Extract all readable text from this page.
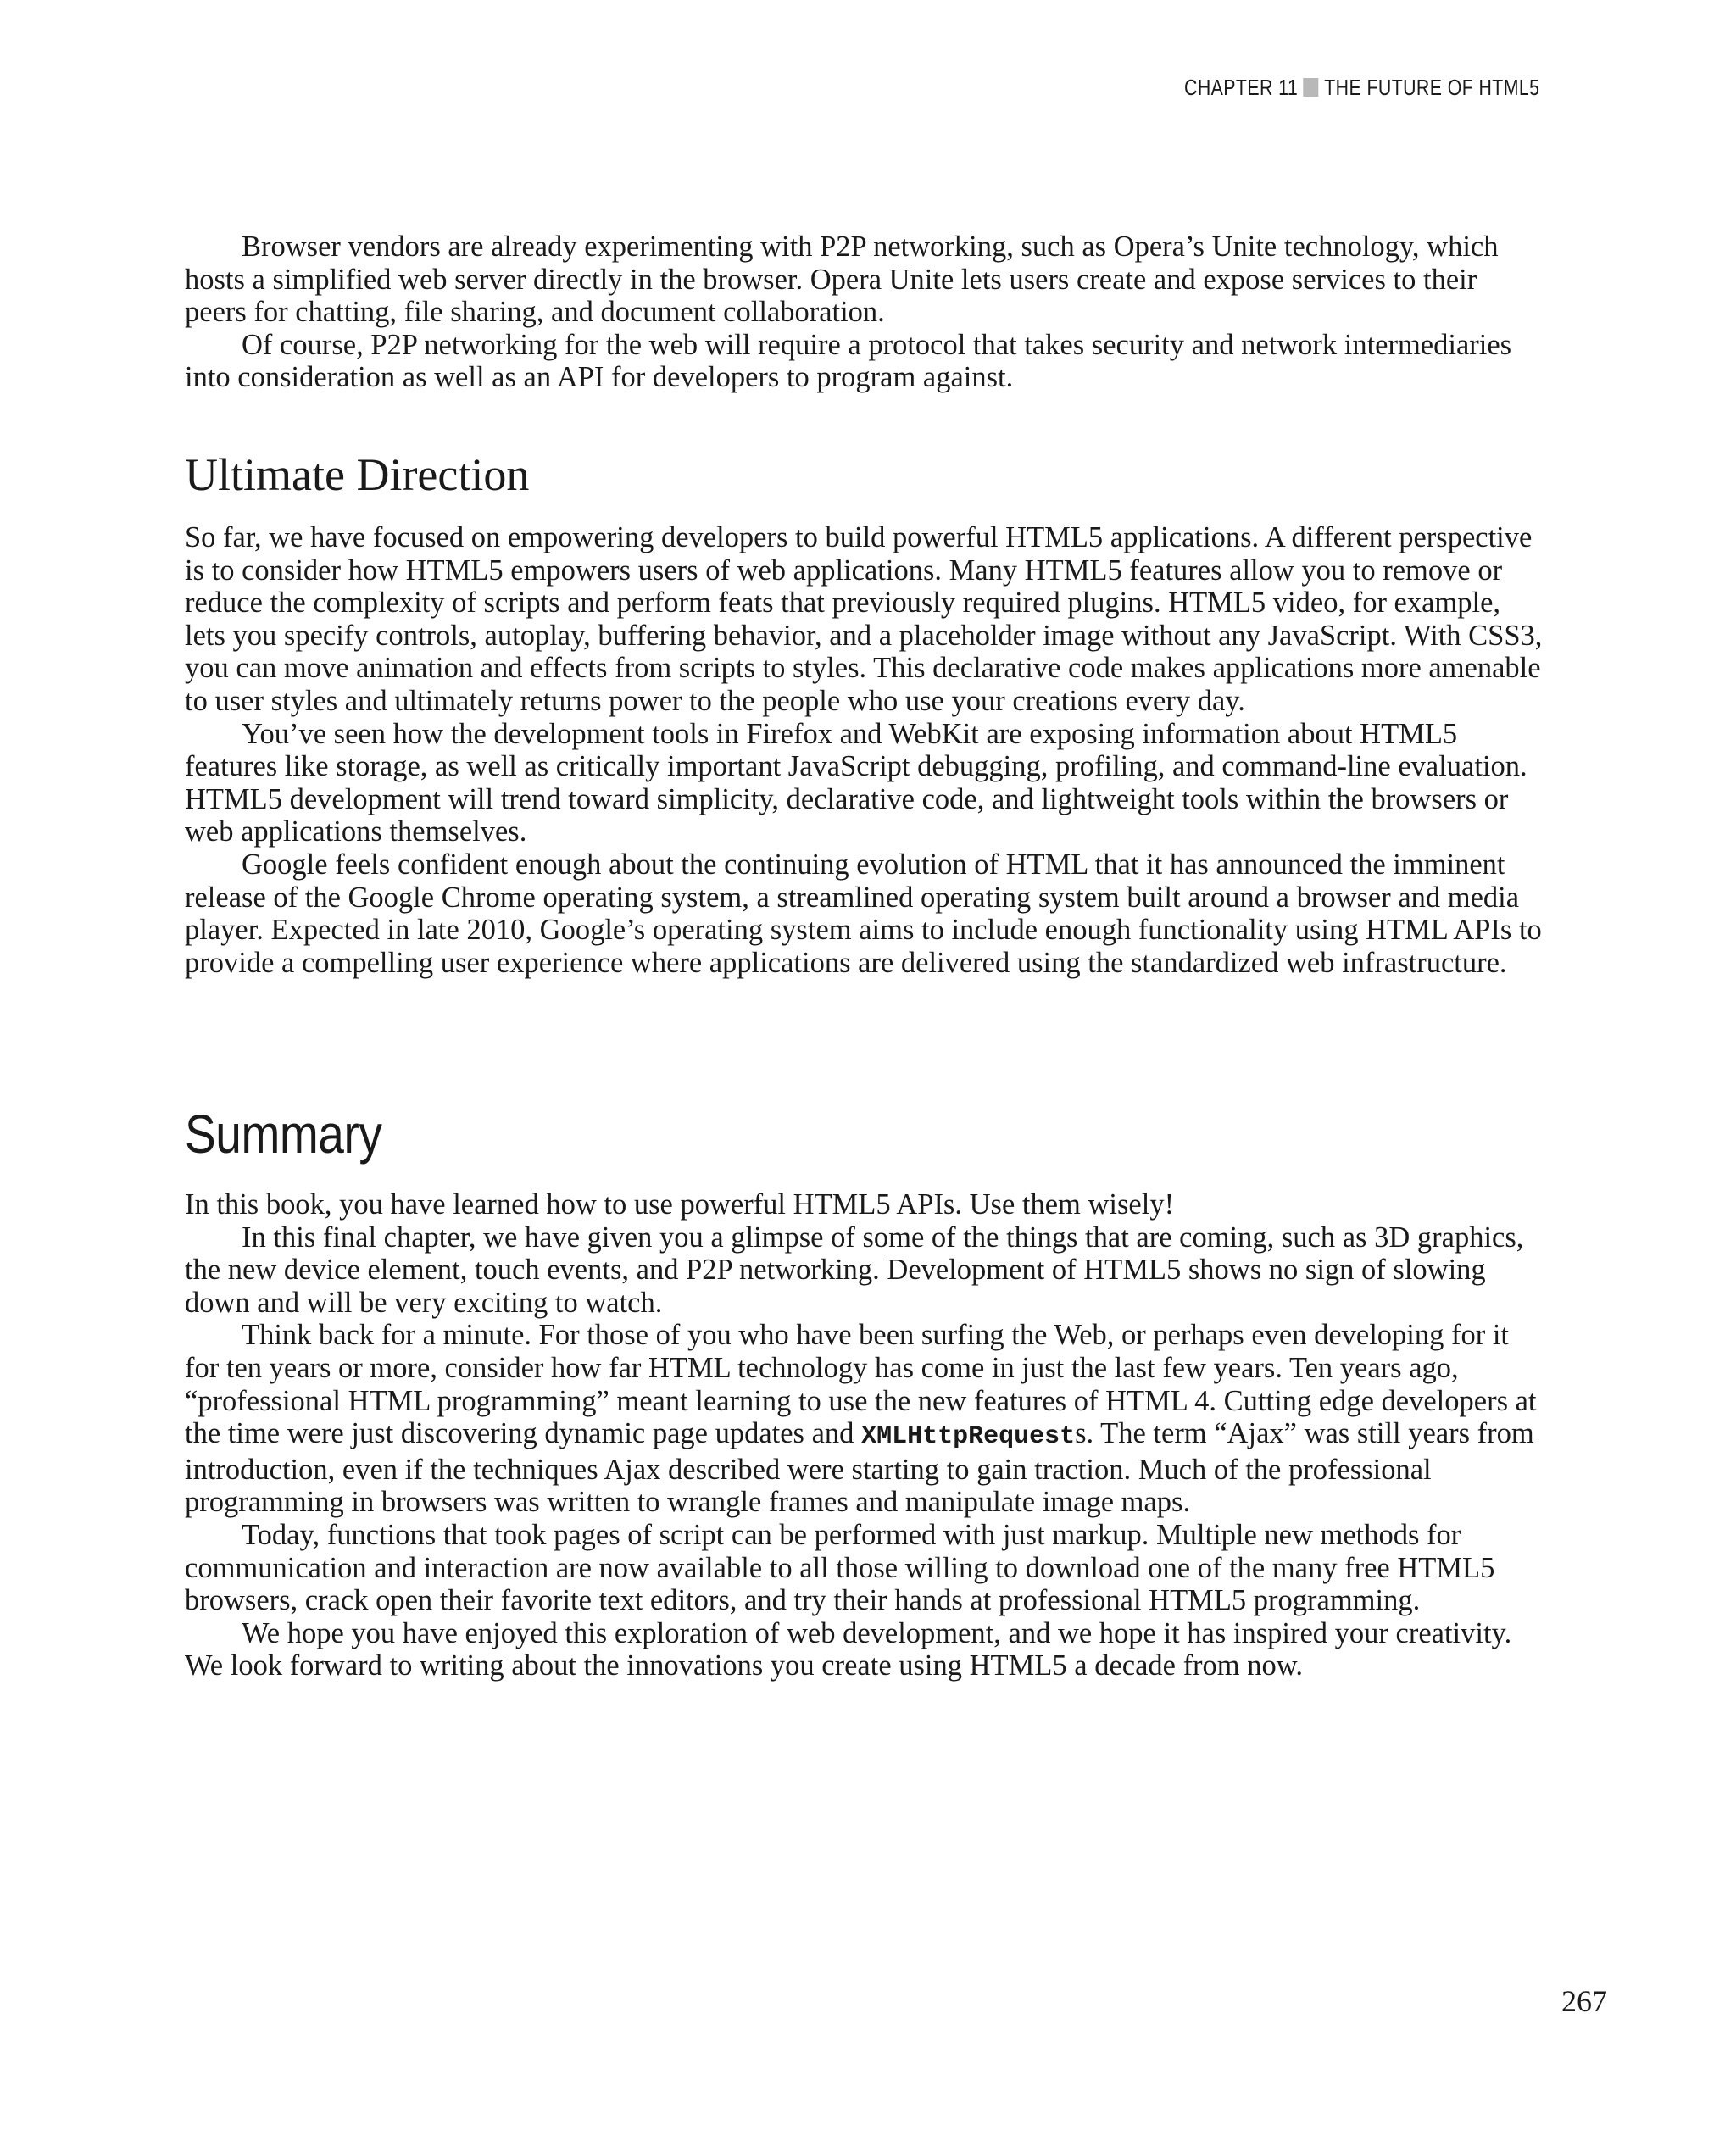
CHAPTER 11 THE FUTURE OF HTML5

Browser vendors are already experimenting with P2P networking, such as Opera’s Unite technology, which hosts a simplified web server directly in the browser. Opera Unite lets users create and expose services to their peers for chatting, file sharing, and document collaboration.

Of course, P2P networking for the web will require a protocol that takes security and network intermediaries into consideration as well as an API for developers to program against.

Ultimate Direction

So far, we have focused on empowering developers to build powerful HTML5 applications. A different perspective is to consider how HTML5 empowers users of web applications. Many HTML5 features allow you to remove or reduce the complexity of scripts and perform feats that previously required plugins. HTML5 video, for example, lets you specify controls, autoplay, buffering behavior, and a placeholder image without any JavaScript. With CSS3, you can move animation and effects from scripts to styles. This declarative code makes applications more amenable to user styles and ultimately returns power to the people who use your creations every day.

You’ve seen how the development tools in Firefox and WebKit are exposing information about HTML5 features like storage, as well as critically important JavaScript debugging, profiling, and command-line evaluation. HTML5 development will trend toward simplicity, declarative code, and lightweight tools within the browsers or web applications themselves.

Google feels confident enough about the continuing evolution of HTML that it has announced the imminent release of the Google Chrome operating system, a streamlined operating system built around a browser and media player. Expected in late 2010, Google’s operating system aims to include enough functionality using HTML APIs to provide a compelling user experience where applications are delivered using the standardized web infrastructure.

Summary

In this book, you have learned how to use powerful HTML5 APIs. Use them wisely!

In this final chapter, we have given you a glimpse of some of the things that are coming, such as 3D graphics, the new device element, touch events, and P2P networking. Development of HTML5 shows no sign of slowing down and will be very exciting to watch.

Think back for a minute. For those of you who have been surfing the Web, or perhaps even developing for it for ten years or more, consider how far HTML technology has come in just the last few years. Ten years ago, “professional HTML programming” meant learning to use the new features of HTML 4. Cutting edge developers at the time were just discovering dynamic page updates and XMLHttpRequests. The term “Ajax” was still years from introduction, even if the techniques Ajax described were starting to gain traction. Much of the professional programming in browsers was written to wrangle frames and manipulate image maps.

Today, functions that took pages of script can be performed with just markup. Multiple new methods for communication and interaction are now available to all those willing to download one of the many free HTML5 browsers, crack open their favorite text editors, and try their hands at professional HTML5 programming.

We hope you have enjoyed this exploration of web development, and we hope it has inspired your creativity. We look forward to writing about the innovations you create using HTML5 a decade from now.

267
